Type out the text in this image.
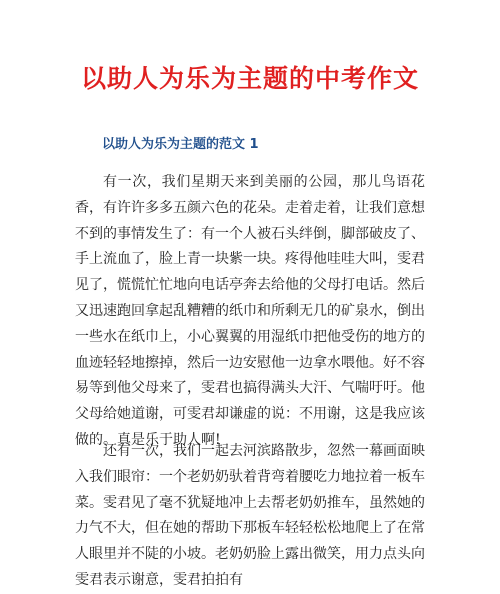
以助人为乐为主题的中考作文
以助人为乐为主题的范文 1

有一次，我们星期天来到美丽的公园，那儿鸟语花香，有许许多多五颜六色的花朵。走着走着，让我们意想不到的事情发生了：有一个人被石头绊倒，脚部破皮了、手上流血了，脸上青一块紫一块。疼得他哇哇大叫，雯君见了，慌慌忙忙地向电话亭奔去给他的父母打电话。然后又迅速跑回拿起乱糟糟的纸巾和所剩无几的矿泉水，倒出一些水在纸巾上，小心翼翼的用湿纸巾把他受伤的地方的血迹轻轻地擦掉，然后一边安慰他一边拿水喂他。好不容易等到他父母来了，雯君也搞得满头大汗、气喘吁吁。他父母给她道谢，可雯君却谦虚的说：不用谢，这是我应该做的。真是乐于助人啊!

还有一次，我们一起去河滨路散步，忽然一幕画面映入我们眼帘：一个老奶奶驮着背弯着腰吃力地拉着一板车菜。雯君见了毫不犹疑地冲上去帮老奶奶推车，虽然她的力气不大，但在她的帮助下那板车轻轻松松地爬上了在常人眼里并不陡的小坡。老奶奶脸上露出微笑，用力点头向雯君表示谢意，雯君拍拍有
